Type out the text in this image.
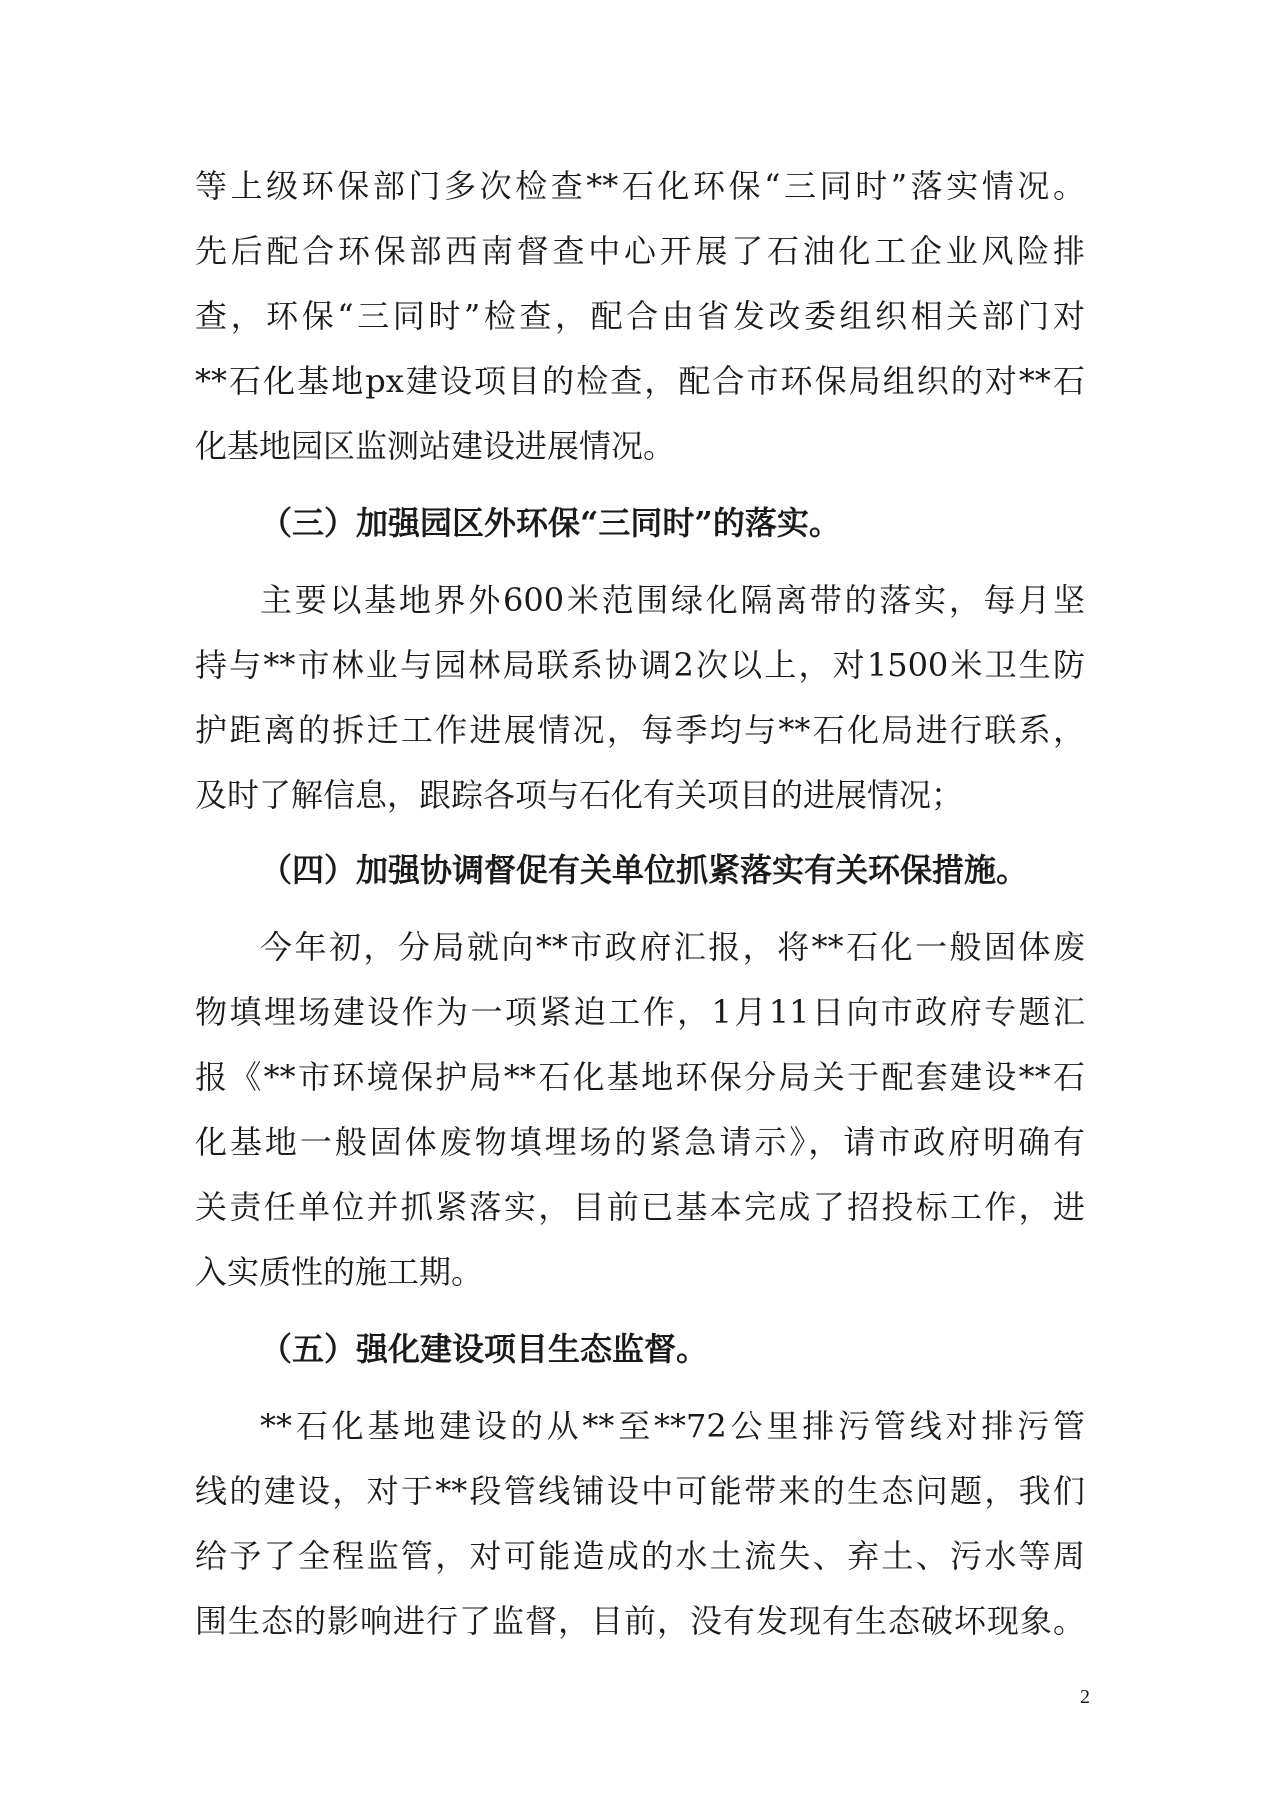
等上级环保部门多次检查**石化环保“三同时”落实情况。
先后配合环保部西南督查中心开展了石油化工企业风险排
查，环保“三同时”检查，配合由省发改委组织相关部门对
**石化基地px建设项目的检查，配合市环保局组织的对**石
化基地园区监测站建设进展情况。
（三）加强园区外环保“三同时”的落实。
主要以基地界外600米范围绿化隔离带的落实，每月坚
持与**市林业与园林局联系协调2次以上，对1500米卫生防
护距离的拆迁工作进展情况，每季均与**石化局进行联系，
及时了解信息，跟踪各项与石化有关项目的进展情况；
（四）加强协调督促有关单位抓紧落实有关环保措施。
今年初，分局就向**市政府汇报，将**石化一般固体废
物填埋场建设作为一项紧迫工作，1月11日向市政府专题汇
报《**市环境保护局**石化基地环保分局关于配套建设**石
化基地一般固体废物填埋场的紧急请示》，请市政府明确有
关责任单位并抓紧落实，目前已基本完成了招投标工作，进
入实质性的施工期。
（五）强化建设项目生态监督。
**石化基地建设的从**至**72公里排污管线对排污管
线的建设，对于**段管线铺设中可能带来的生态问题，我们
给予了全程监管，对可能造成的水土流失、弃土、污水等周
围生态的影响进行了监督，目前，没有发现有生态破坏现象。
2
